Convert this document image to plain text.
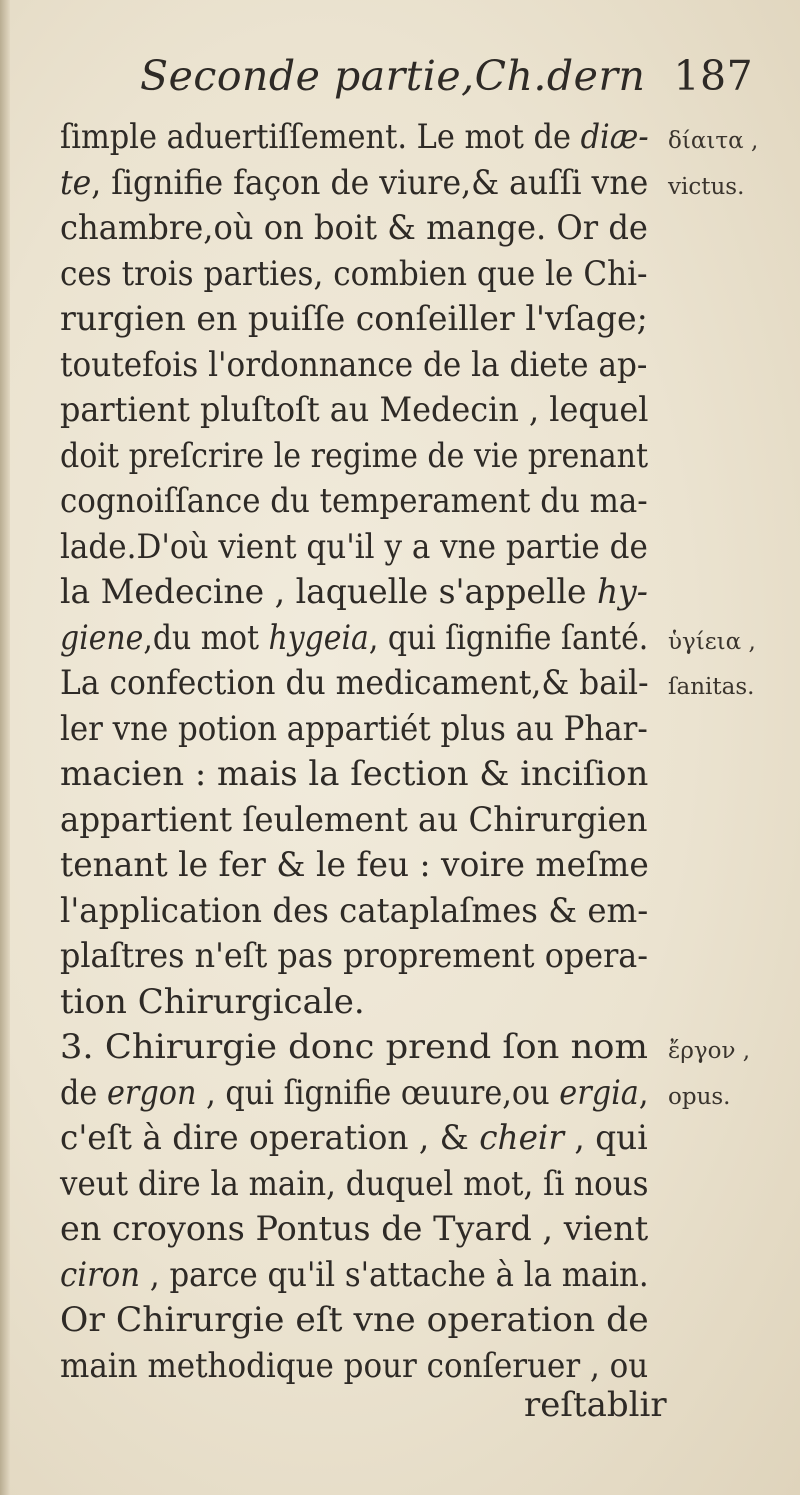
Seconde partie,Ch.dern 187
ſimple aduertiſſement. Le mot de diæ-
te, ſignifie façon de viure,& auſſi vne
chambre,où on boit & mange. Or de
ces trois parties, combien que le Chi-
rurgien en puiſſe conſeiller l'vſage;
toutefois l'ordonnance de la diete ap-
partient pluſtoſt au Medecin , lequel
doit preſcrire le regime de vie prenant
cognoiſſance du temperament du ma-
lade.D'où vient qu'il y a vne partie de
la Medecine , laquelle s'appelle hy-
giene,du mot hygeia, qui ſignifie ſanté.
La confection du medicament,& bail-
ler vne potion appartiét plus au Phar-
macien : mais la ſection & inciſion
appartient ſeulement au Chirurgien
tenant le fer & le feu : voire meſme
l'application des cataplaſmes & em-
plaſtres n'eſt pas proprement opera-
tion Chirurgicale.
3. Chirurgie donc prend ſon nom
de ergon , qui ſignifie œuure,ou ergia,
c'eſt à dire operation , & cheir , qui
veut dire la main, duquel mot, ſi nous
en croyons Pontus de Tyard , vient
ciron , parce qu'il s'attache à la main.
Or Chirurgie eſt vne operation de
main methodique pour conſeruer , ou
δίαιτα ,
victus.
ὑγίεια ,
ſanitas.
ἔργον ,
opus.
reſtablir
